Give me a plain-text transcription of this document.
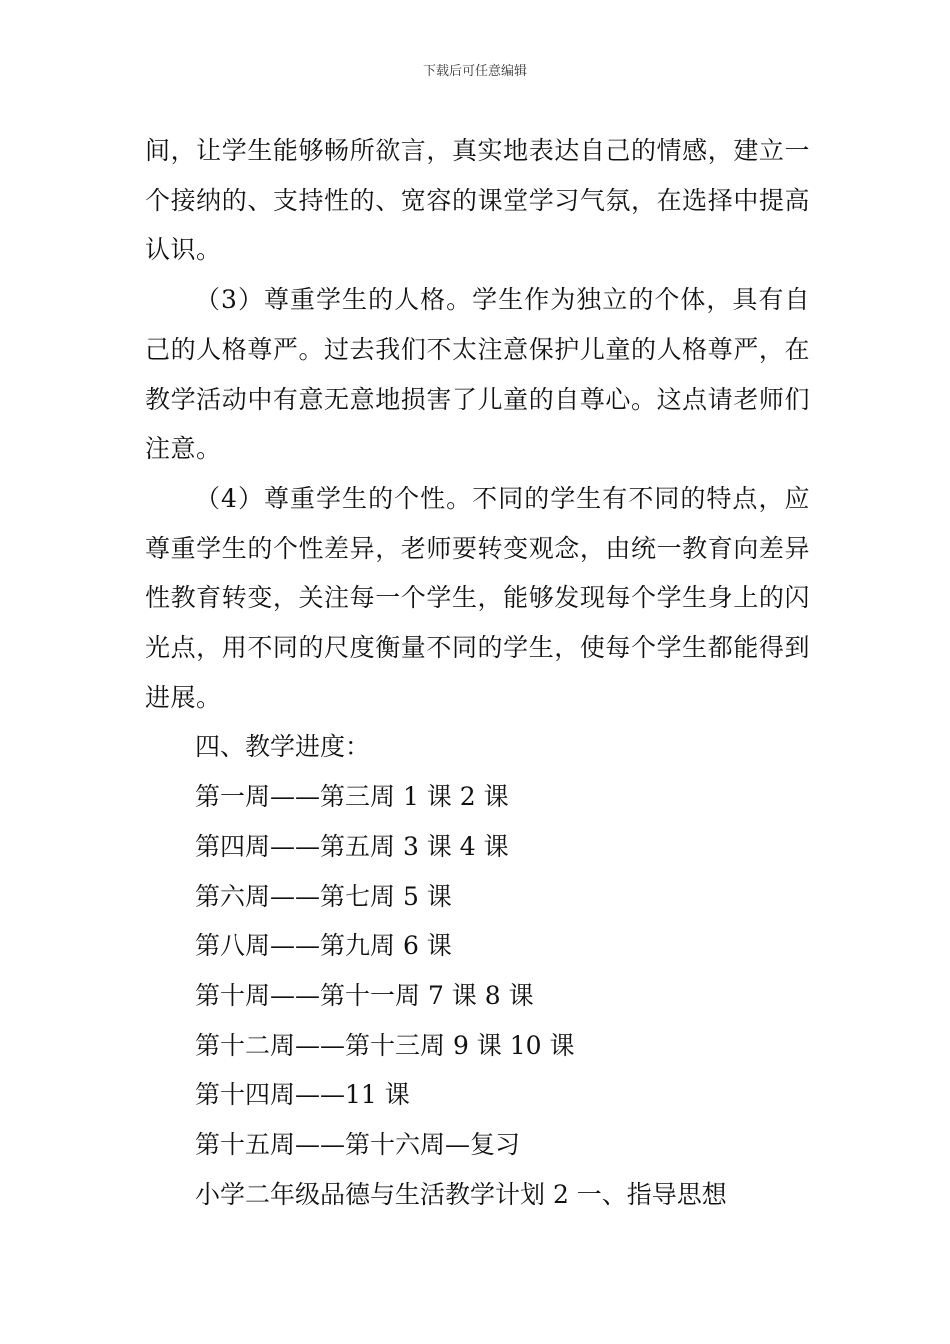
下载后可任意编辑

间，让学生能够畅所欲言，真实地表达自己的情感，建立一个接纳的、支持性的、宽容的课堂学习气氛，在选择中提高认识。

（3）尊重学生的人格。学生作为独立的个体，具有自己的人格尊严。过去我们不太注意保护儿童的人格尊严，在教学活动中有意无意地损害了儿童的自尊心。这点请老师们注意。

（4）尊重学生的个性。不同的学生有不同的特点，应尊重学生的个性差异，老师要转变观念，由统一教育向差异性教育转变，关注每一个学生，能够发现每个学生身上的闪光点，用不同的尺度衡量不同的学生，使每个学生都能得到进展。

四、教学进度：

第一周——第三周 1 课 2 课

第四周——第五周 3 课 4 课

第六周——第七周 5 课

第八周——第九周 6 课

第十周——第十一周 7 课 8 课

第十二周——第十三周 9 课 10 课

第十四周——11 课

第十五周——第十六周—复习

小学二年级品德与生活教学计划 2 一、指导思想
